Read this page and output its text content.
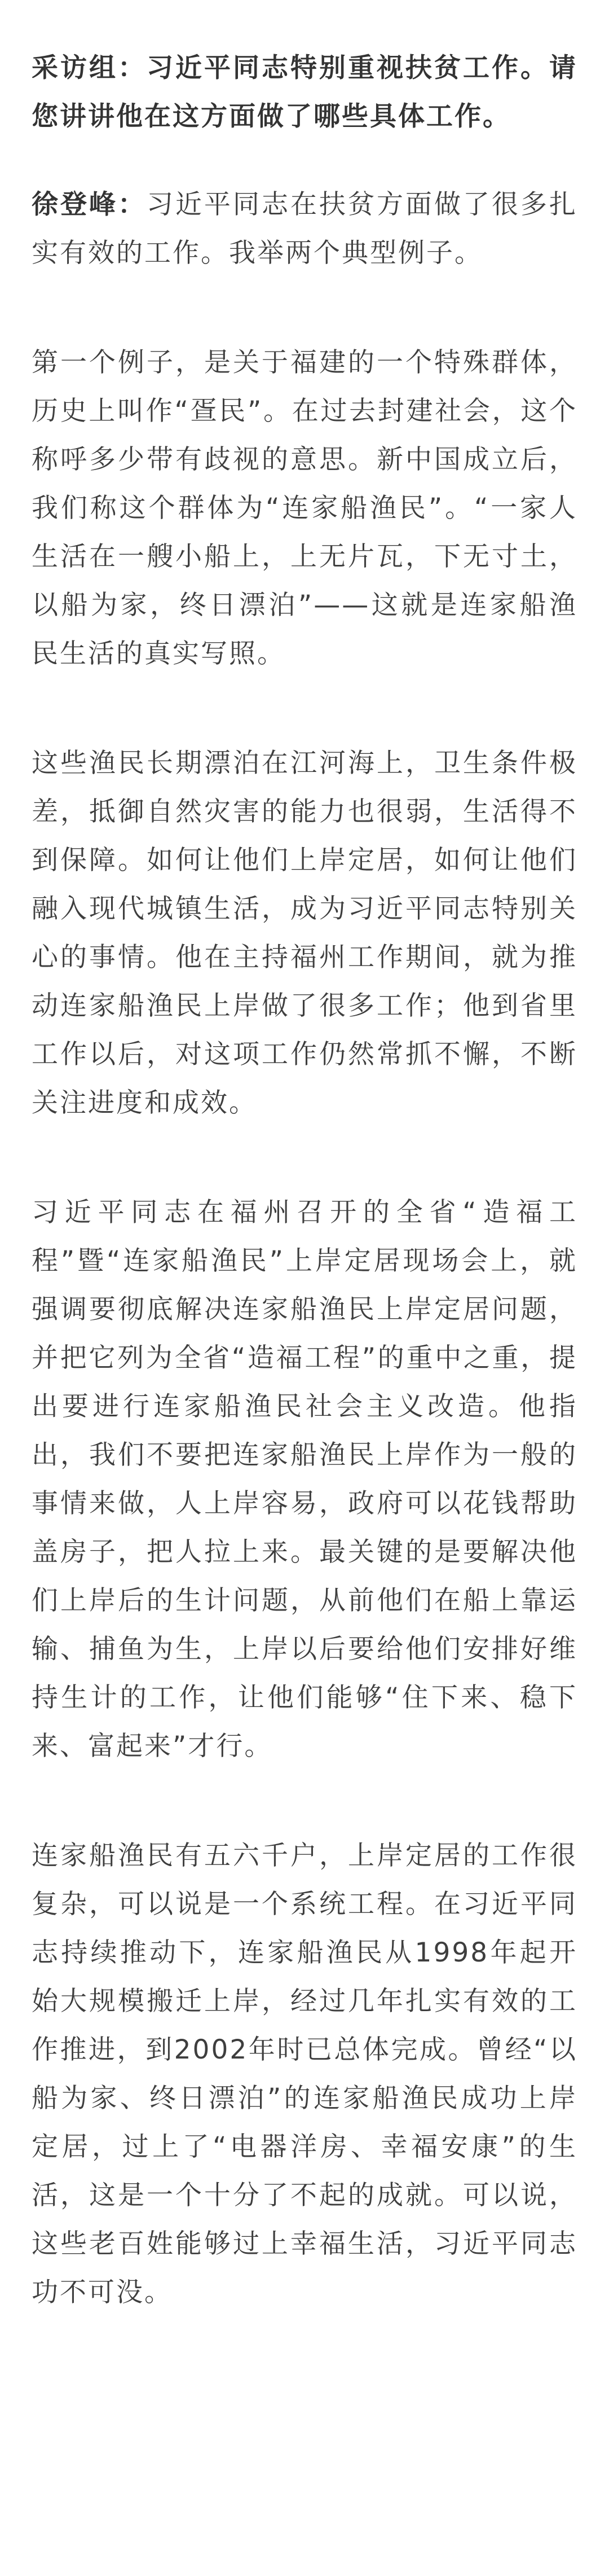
采访组：习近平同志特别重视扶贫工作。请您讲讲他在这方面做了哪些具体工作。

徐登峰：习近平同志在扶贫方面做了很多扎实有效的工作。我举两个典型例子。

第一个例子，是关于福建的一个特殊群体，历史上叫作“疍民”。在过去封建社会，这个称呼多少带有歧视的意思。新中国成立后，我们称这个群体为“连家船渔民”。“一家人生活在一艘小船上，上无片瓦，下无寸土，以船为家，终日漂泊”——这就是连家船渔民生活的真实写照。

这些渔民长期漂泊在江河海上，卫生条件极差，抵御自然灾害的能力也很弱，生活得不到保障。如何让他们上岸定居，如何让他们融入现代城镇生活，成为习近平同志特别关心的事情。他在主持福州工作期间，就为推动连家船渔民上岸做了很多工作；他到省里工作以后，对这项工作仍然常抓不懈，不断关注进度和成效。

习近平同志在福州召开的全省“造福工程”暨“连家船渔民”上岸定居现场会上，就强调要彻底解决连家船渔民上岸定居问题，并把它列为全省“造福工程”的重中之重，提出要进行连家船渔民社会主义改造。他指出，我们不要把连家船渔民上岸作为一般的事情来做，人上岸容易，政府可以花钱帮助盖房子，把人拉上来。最关键的是要解决他们上岸后的生计问题，从前他们在船上靠运输、捕鱼为生，上岸以后要给他们安排好维持生计的工作，让他们能够“住下来、稳下来、富起来”才行。

连家船渔民有五六千户，上岸定居的工作很复杂，可以说是一个系统工程。在习近平同志持续推动下，连家船渔民从1998年起开始大规模搬迁上岸，经过几年扎实有效的工作推进，到2002年时已总体完成。曾经“以船为家、终日漂泊”的连家船渔民成功上岸定居，过上了“电器洋房、幸福安康”的生活，这是一个十分了不起的成就。可以说，这些老百姓能够过上幸福生活，习近平同志功不可没。
